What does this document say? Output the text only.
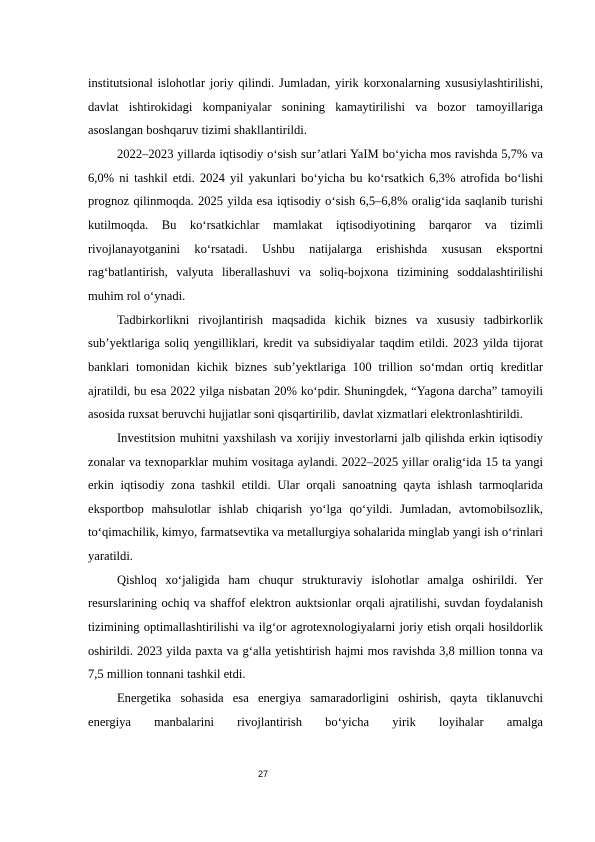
institutsional islohotlar joriy qilindi. Jumladan, yirik korxonalarning xususiylashtirilishi, davlat ishtirokidagi kompaniyalar sonining kamaytirilishi va bozor tamoyillariga asoslangan boshqaruv tizimi shakllantirildi.

2022–2023 yillarda iqtisodiy o‘sish sur’atlari YaIM bo‘yicha mos ravishda 5,7% va 6,0% ni tashkil etdi. 2024 yil yakunlari bo‘yicha bu ko‘rsatkich 6,3% atrofida bo‘lishi prognoz qilinmoqda. 2025 yilda esa iqtisodiy o‘sish 6,5–6,8% oralig‘ida saqlanib turishi kutilmoqda. Bu ko‘rsatkichlar mamlakat iqtisodiyotining barqaror va tizimli rivojlanayotganini ko‘rsatadi. Ushbu natijalarga erishishda xususan eksportni rag‘batlantirish, valyuta liberallashuvi va soliq-bojxona tizimining soddalashtirilishi muhim rol o‘ynadi.

Tadbirkorlikni rivojlantirish maqsadida kichik biznes va xususiy tadbirkorlik sub’yektlariga soliq yengilliklari, kredit va subsidiyalar taqdim etildi. 2023 yilda tijorat banklari tomonidan kichik biznes sub’yektlariga 100 trillion so‘mdan ortiq kreditlar ajratildi, bu esa 2022 yilga nisbatan 20% ko‘pdir. Shuningdek, “Yagona darcha” tamoyili asosida ruxsat beruvchi hujjatlar soni qisqartirilib, davlat xizmatlari elektronlashtirildi.

Investitsion muhitni yaxshilash va xorijiy investorlarni jalb qilishda erkin iqtisodiy zonalar va texnoparklar muhim vositaga aylandi. 2022–2025 yillar oralig‘ida 15 ta yangi erkin iqtisodiy zona tashkil etildi. Ular orqali sanoatning qayta ishlash tarmoqlarida eksportbop mahsulotlar ishlab chiqarish yo‘lga qo‘yildi. Jumladan, avtomobilsozlik, to‘qimachilik, kimyo, farmatsevtika va metallurgiya sohalarida minglab yangi ish o‘rinlari yaratildi.

Qishloq xo‘jaligida ham chuqur strukturaviy islohotlar amalga oshirildi. Yer resurslarining ochiq va shaffof elektron auktsionlar orqali ajratilishi, suvdan foydalanish tizimining optimallashtirilishi va ilg‘or agrotexnologiyalarni joriy etish orqali hosildorlik oshirildi. 2023 yilda paxta va g‘alla yetishtirish hajmi mos ravishda 3,8 million tonna va 7,5 million tonnani tashkil etdi.

Energetika sohasida esa energiya samaradorligini oshirish, qayta tiklanuvchi energiya manbalarini rivojlantirish bo‘yicha yirik loyihalar amalga

27
